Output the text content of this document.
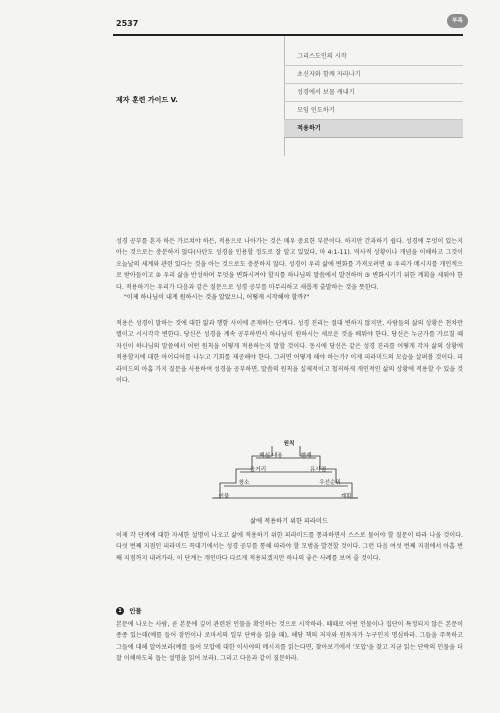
2537	부록
제자 훈련 가이드 V.
그리스도인의 시작
초신자와 함께 자라나기
성경에서 보물 캐내기
모임 인도하기
적용하기
성경 공부를 혼자 하든 가르쳐야 하든, 적용으로 나아가는 것은 매우 중요한 부분이다. 하지만 간과하기 쉽다. 성경에 무엇이 있는지 아는 것으로는 충분하지 않다(사탄도 성경을 인용할 정도로 잘 알고 있었다, 마 4:1-11). 역사적 상황이나 개념을 이해하고 그것이 오늘날의 세계와 관련 있다는 것을 아는 것으로도 충분하지 않다. 성경이 우리 삶에 변화를 가져오려면 ① 우리가 메시지를 개인적으로 받아들이고 ② 우리 삶을 반성하며 무엇을 변화시켜야 할지를 하나님의 말씀에서 발견하며 ③ 변화시키기 위한 계획을 세워야 한다. 적용하기는 우리가 다음과 같은 질문으로 성경 공부를 마무리하고 새롭게 출발하는 것을 뜻한다.
"이제 하나님이 내게 원하시는 것을 알았으니, 어떻게 시작해야 할까?"
적용은 성경이 말하는 것에 대한 앎과 행함 사이에 존재하는 단계다. 성경 진리는 절대 변하지 않지만, 사람들의 삶의 상황은 천차만별이고 시시각각 변한다. 당신은 성경을 계속 공부하면서 하나님이 원하시는 새로운 것을 배워야 한다. 당신은 누군가를 가르칠 때 자신이 하나님의 말씀에서 어떤 원칙을 어떻게 적용하는지 말할 것이다. 동시에 당신은 같은 성경 진리를 어떻게 각자 삶의 상황에 적용할지에 대한 아이디어를 나누고 기회를 제공해야 한다. 그러면 어떻게 해야 하는가? 이제 피라미드의 모습을 살펴볼 것이다. 피라미드의 아홉 가지 질문을 사용하여 성경을 공부하면, 말씀의 원칙을 실제적이고 철저하게 개인적인 삶의 상황에 적용할 수 있을 것이다.
원칙
핵심 내용	현재
올거리	유사점
창소	우선순위
인물	계획
삶에 적용하기 위한 피라미드
이제 각 단계에 대한 자세한 설명이 나오고 삶에 적용하기 위한 피라미드를 통과하면서 스스로 물어야 할 질문이 따라 나올 것이다. 다섯 번째 지점인 피라미드 꼭대기에서는 성경 공부를 통해 따라야 할 모범을 발견할 것이다. 그런 다음 여섯 번째 지점에서 아홉 번째 지점까지 내려가라. 이 단계는 개인마다 다르게 적용되겠지만 하나의 좋은 사례를 보여 줄 것이다.
1 인물
본문에 나오는 사람, 곧 본문에 깊이 관련된 인물을 확인하는 것으로 시작하라. 때때로 어떤 인물이나 집단이 특정되지 않은 본문이 종종 있는데(예를 들어 잠언이나 로마서의 일부 단락을 읽을 때), 해당 책의 저자와 원독자가 누구인지 명심하라. 그들을 주목하고 그들에 대해 알아보라(예를 들어 모압에 대한 이사야의 메시지를 읽는다면, 찾아보기에서 '모압'을 찾고 지금 읽는 단락의 인물을 더 잘 이해하도록 돕는 설명을 읽어 보라). 그리고 다음과 같이 질문하라.
